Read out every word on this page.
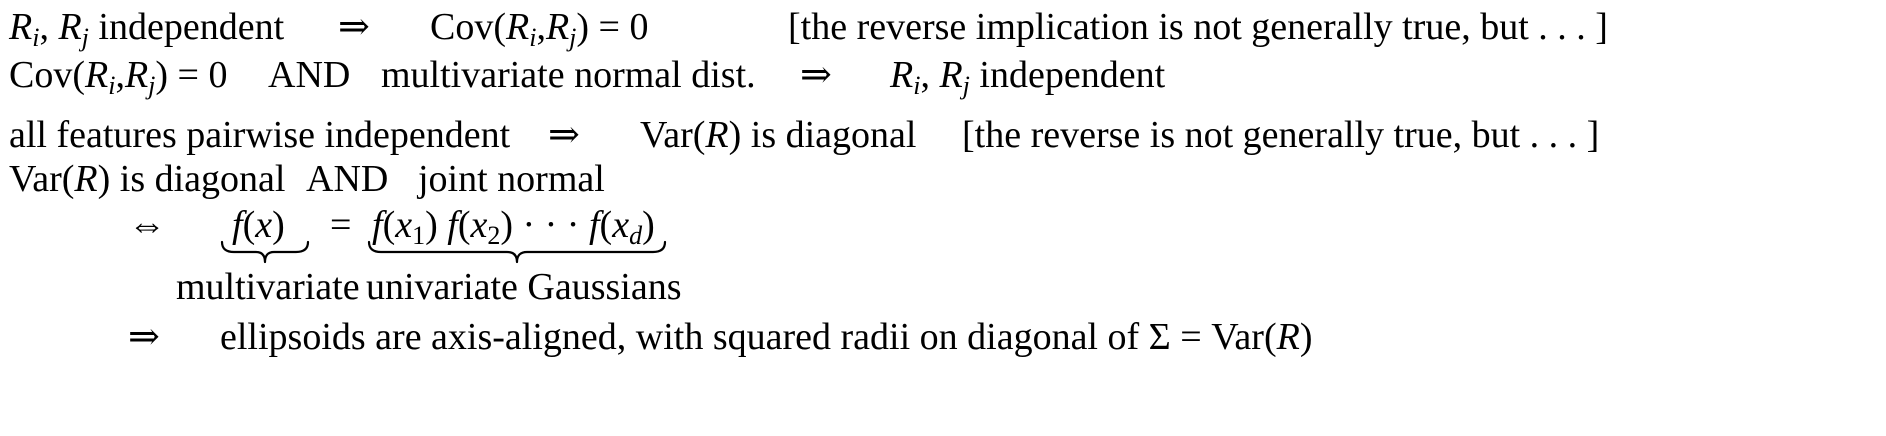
Ri, Rj independent ⇒ Cov(Ri,Rj) = 0	[the reverse implication is not generally true, but . . . ]
Cov(Ri,Rj) = 0 AND multivariate normal dist. ⇒ Ri, Rj independent
all features pairwise independent ⇒ Var(R) is diagonal [the reverse is not generally true, but . . . ]
Var(R) is diagonal AND joint normal
⇔ f(x) = f(x1) f(x2) · · · f(xd)
multivariate univariate Gaussians
⇒ ellipsoids are axis-aligned, with squared radii on diagonal of Σ = Var(R)
